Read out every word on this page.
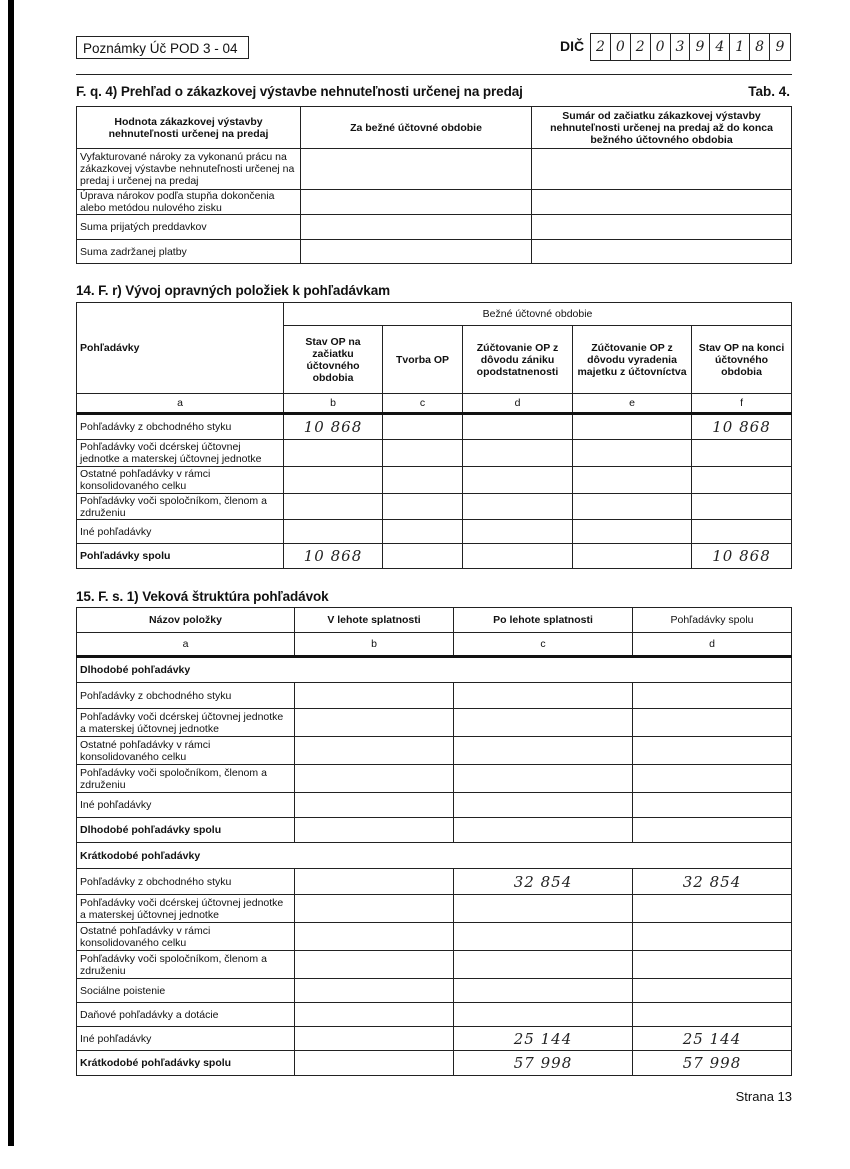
Poznámky Úč POD 3 - 04	DIČ 2 0 2 0 3 9 4 1 8 9
F. q. 4) Prehľad o zákazkovej výstavbe nehnuteľnosti určenej na predaj	Tab. 4.
Hodnota zákazkovej výstavby nehnuteľnosti určenej na predaj	Za bežné účtovné obdobie	Sumár od začiatku zákazkovej výstavby nehnuteľnosti určenej na predaj až do konca bežného účtovného obdobia
Vyfakturované nároky za vykonanú prácu na zákazkovej výstavbe nehnuteľnosti určenej na predaj i určenej na predaj		
Úprava nárokov podľa stupňa dokončenia alebo metódou nulového zisku		
Suma prijatých preddavkov		
Suma zadržanej platby		
14. F. r) Vývoj opravných položiek k pohľadávkam
Pohľadávky	Bežné účtovné obdobie				
	Stav OP na začiatku účtovného obdobia	Tvorba OP	Zúčtovanie OP z dôvodu zániku opodstatnenosti	Zúčtovanie OP z dôvodu vyradenia majetku z účtovníctva	Stav OP na konci účtovného obdobia
a	b	c	d	e	f
Pohľadávky z obchodného styku	10 868				10 868
Pohľadávky voči dcérskej účtovnej jednotke a materskej účtovnej jednotke					
Ostatné pohľadávky v rámci konsolidovaného celku					
Pohľadávky voči spoločníkom, členom a združeniu					
Iné pohľadávky					
Pohľadávky spolu	10 868				10 868
15. F. s. 1) Veková štruktúra pohľadávok
Názov položky	V lehote splatnosti	Po lehote splatnosti	Pohľadávky spolu
a	b	c	d
Dlhodobé pohľadávky			
Pohľadávky z obchodného styku			
Pohľadávky voči dcérskej účtovnej jednotke a materskej účtovnej jednotke			
Ostatné pohľadávky v rámci konsolidovaného celku			
Pohľadávky voči spoločníkom, členom a združeniu			
Iné pohľadávky			
Dlhodobé pohľadávky spolu			
Krátkodobé pohľadávky			
Pohľadávky z obchodného styku		32 854	32 854
Pohľadávky voči dcérskej účtovnej jednotke a materskej účtovnej jednotke			
Ostatné pohľadávky v rámci konsolidovaného celku			
Pohľadávky voči spoločníkom, členom a združeniu			
Sociálne poistenie			
Daňové pohľadávky a dotácie			
Iné pohľadávky		25 144	25 144
Krátkodobé pohľadávky spolu		57 998	57 998
Strana 13
